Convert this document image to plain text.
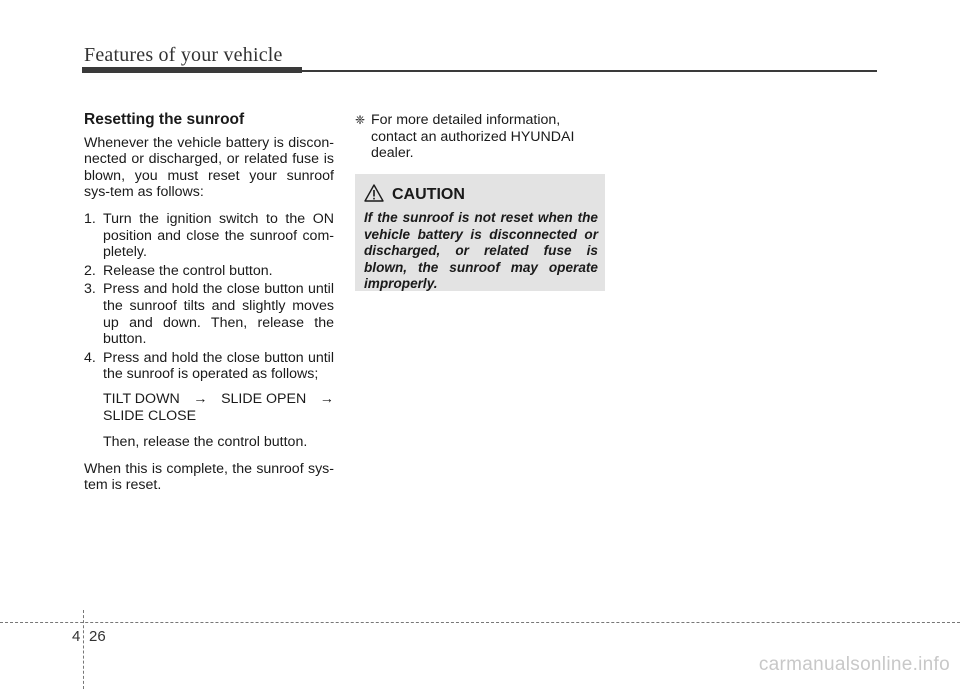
Features of your vehicle
Resetting the sunroof

Whenever the vehicle battery is discon-nected or discharged, or related fuse is blown, you must reset your sunroof sys-tem as follows:

1. Turn the ignition switch to the ON position and close the sunroof com-pletely.
2. Release the control button.
3. Press and hold the close button until the sunroof tilts and slightly moves up and down. Then, release the button.
4. Press and hold the close button until the sunroof is operated as follows;
TILT DOWN → SLIDE OPEN →
SLIDE CLOSE
Then, release the control button.

When this is complete, the sunroof sys-tem is reset.

❈ For more detailed information, contact an authorized HYUNDAI dealer.
CAUTION

If the sunroof is not reset when the vehicle battery is disconnected or discharged, or related fuse is blown, the sunroof may operate improperly.

4 26
carmanualsonline.info
